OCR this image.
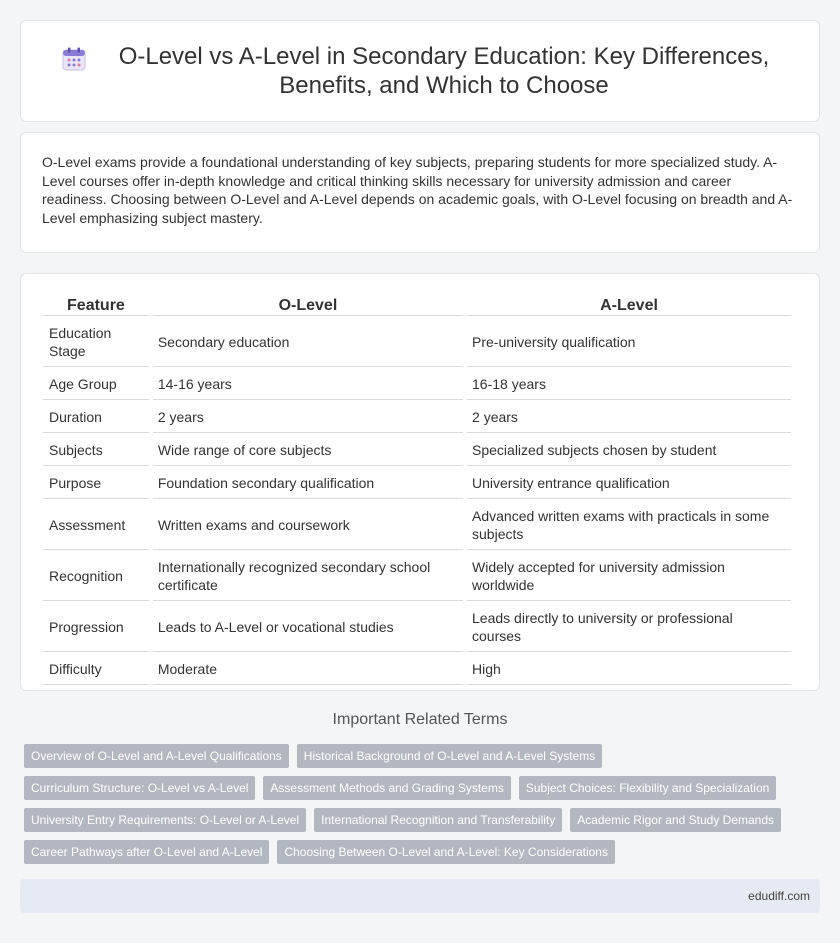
O-Level vs A-Level in Secondary Education: Key Differences, Benefits, and Which to Choose

O-Level exams provide a foundational understanding of key subjects, preparing students for more specialized study. A-Level courses offer in-depth knowledge and critical thinking skills necessary for university admission and career readiness. Choosing between O-Level and A-Level depends on academic goals, with O-Level focusing on breadth and A-Level emphasizing subject mastery.

Feature	O-Level	A-Level
Education Stage	Secondary education	Pre-university qualification
Age Group	14-16 years	16-18 years
Duration	2 years	2 years
Subjects	Wide range of core subjects	Specialized subjects chosen by student
Purpose	Foundation secondary qualification	University entrance qualification
Assessment	Written exams and coursework	Advanced written exams with practicals in some subjects
Recognition	Internationally recognized secondary school certificate	Widely accepted for university admission worldwide
Progression	Leads to A-Level or vocational studies	Leads directly to university or professional courses
Difficulty	Moderate	High
Important Related Terms
Overview of O-Level and A-Level Qualifications	Historical Background of O-Level and A-Level Systems
Curriculum Structure: O-Level vs A-Level	Assessment Methods and Grading Systems	Subject Choices: Flexibility and Specialization
University Entry Requirements: O-Level or A-Level	International Recognition and Transferability	Academic Rigor and Study Demands
Career Pathways after O-Level and A-Level	Choosing Between O-Level and A-Level: Key Considerations
edudiff.com
